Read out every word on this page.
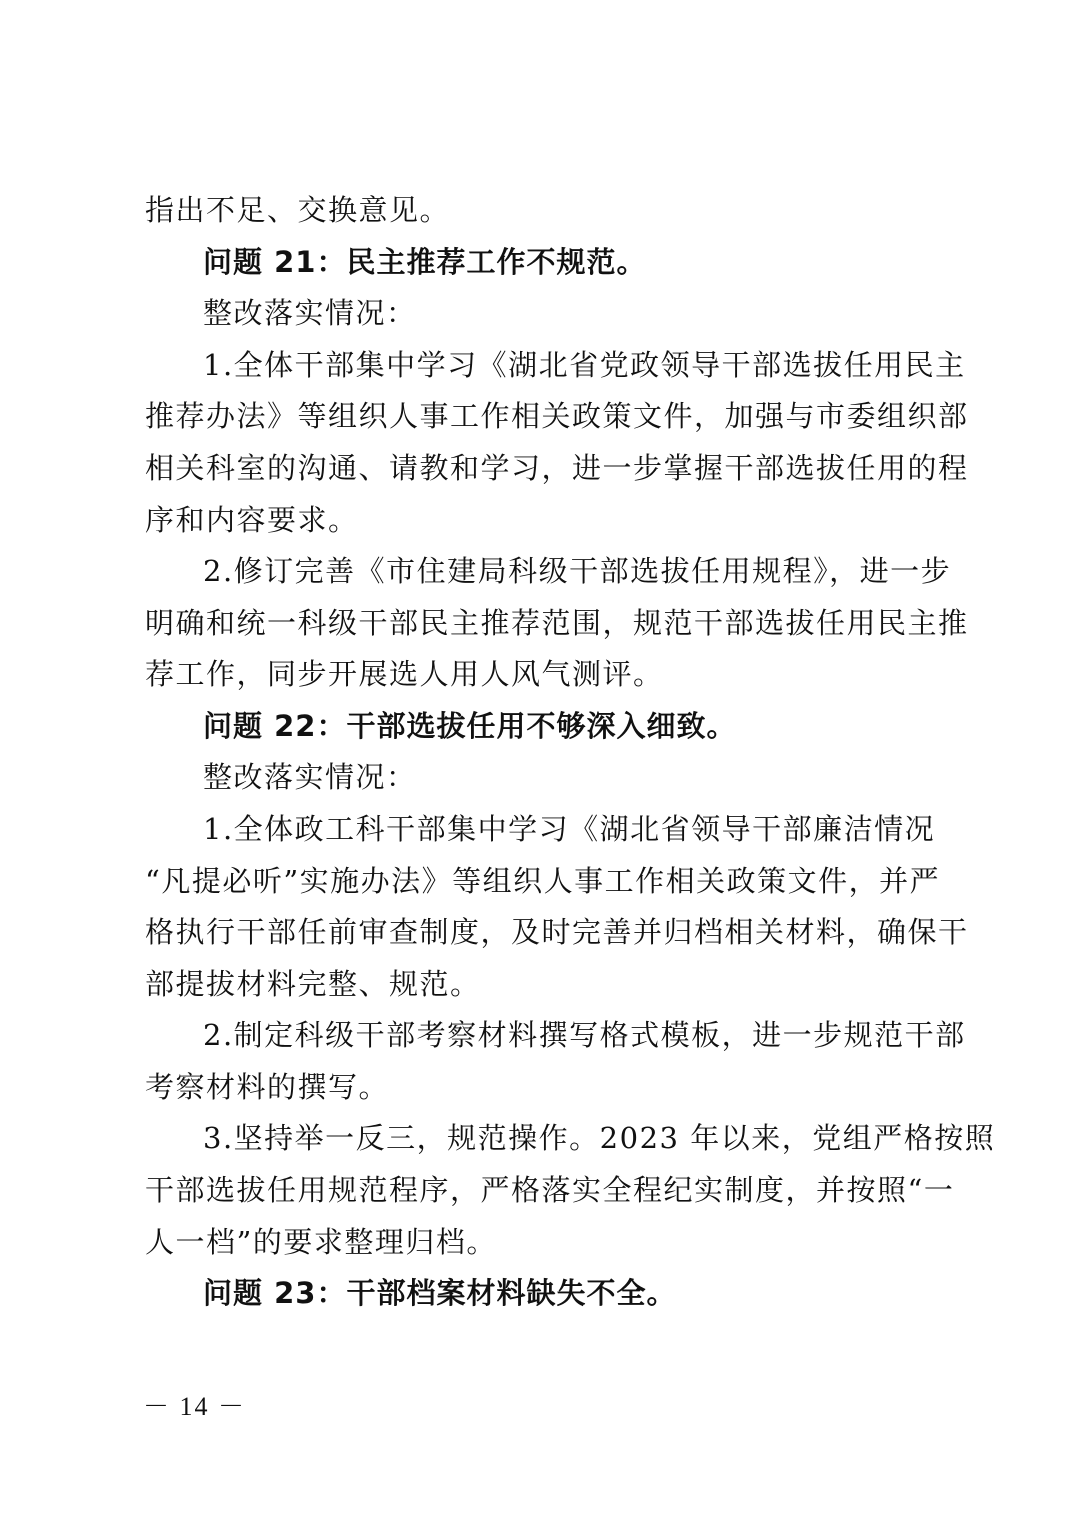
指出不足、交换意见。
问题 21：民主推荐工作不规范。
整改落实情况：
1.全体干部集中学习《湖北省党政领导干部选拔任用民主
推荐办法》等组织人事工作相关政策文件，加强与市委组织部
相关科室的沟通、请教和学习，进一步掌握干部选拔任用的程
序和内容要求。
2.修订完善《市住建局科级干部选拔任用规程》，进一步
明确和统一科级干部民主推荐范围，规范干部选拔任用民主推
荐工作，同步开展选人用人风气测评。
问题 22：干部选拔任用不够深入细致。
整改落实情况：
1.全体政工科干部集中学习《湖北省领导干部廉洁情况
“凡提必听”实施办法》等组织人事工作相关政策文件，并严
格执行干部任前审查制度，及时完善并归档相关材料，确保干
部提拔材料完整、规范。
2.制定科级干部考察材料撰写格式模板，进一步规范干部
考察材料的撰写。
3.坚持举一反三，规范操作。2023 年以来，党组严格按照
干部选拔任用规范程序，严格落实全程纪实制度，并按照“一
人一档”的要求整理归档。
问题 23：干部档案材料缺失不全。
－ 14 －
